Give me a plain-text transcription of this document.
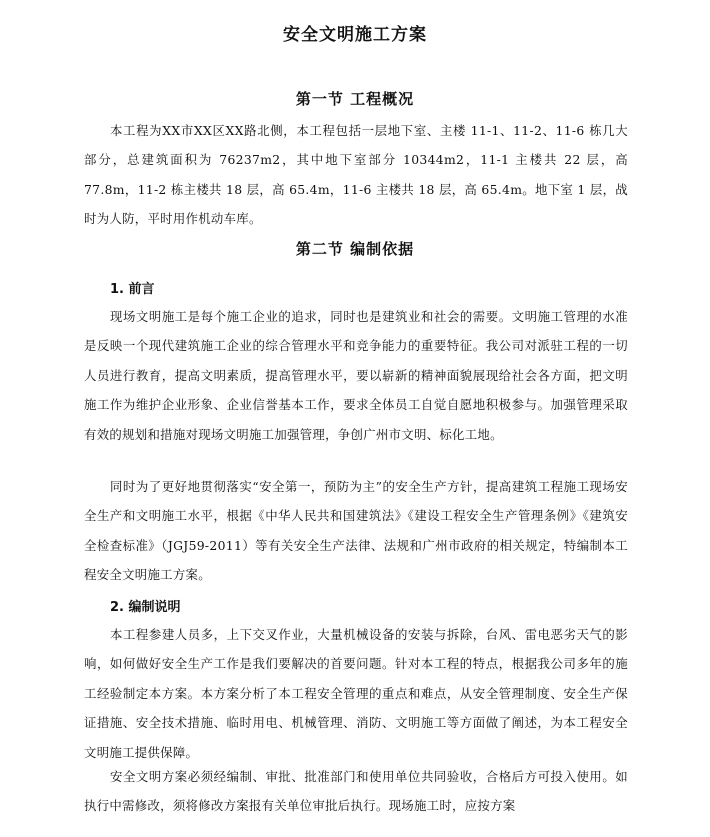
安全文明施工方案
第一节 工程概况

本工程为XX市XX区XX路北侧，本工程包括一层地下室、主楼 11-1、11-2、11-6 栋几大部分，总建筑面积为 76237m2，其中地下室部分 10344m2，11-1 主楼共 22 层，高 77.8m，11-2 栋主楼共 18 层，高 65.4m，11-6 主楼共 18 层，高 65.4m。地下室 1 层，战时为人防，平时用作机动车库。

第二节 编制依据
1. 前言

现场文明施工是每个施工企业的追求，同时也是建筑业和社会的需要。文明施工管理的水准是反映一个现代建筑施工企业的综合管理水平和竞争能力的重要特征。我公司对派驻工程的一切人员进行教育，提高文明素质，提高管理水平，要以崭新的精神面貌展现给社会各方面，把文明施工作为维护企业形象、企业信誉基本工作，要求全体员工自觉自愿地积极参与。加强管理采取有效的规划和措施对现场文明施工加强管理，争创广州市文明、标化工地。

同时为了更好地贯彻落实“安全第一，预防为主”的安全生产方针，提高建筑工程施工现场安全生产和文明施工水平，根据《中华人民共和国建筑法》《建设工程安全生产管理条例》《建筑安全检查标准》（JGJ59-2011）等有关安全生产法律、法规和广州市政府的相关规定，特编制本工程安全文明施工方案。

2. 编制说明

本工程参建人员多，上下交叉作业，大量机械设备的安装与拆除，台风、雷电恶劣天气的影响，如何做好安全生产工作是我们要解决的首要问题。针对本工程的特点，根据我公司多年的施工经验制定本方案。本方案分析了本工程安全管理的重点和难点，从安全管理制度、安全生产保证措施、安全技术措施、临时用电、机械管理、消防、文明施工等方面做了阐述，为本工程安全文明施工提供保障。

安全文明方案必须经编制、审批、批准部门和使用单位共同验收，合格后方可投入使用。如执行中需修改，须将修改方案报有关单位审批后执行。现场施工时，应按方案
